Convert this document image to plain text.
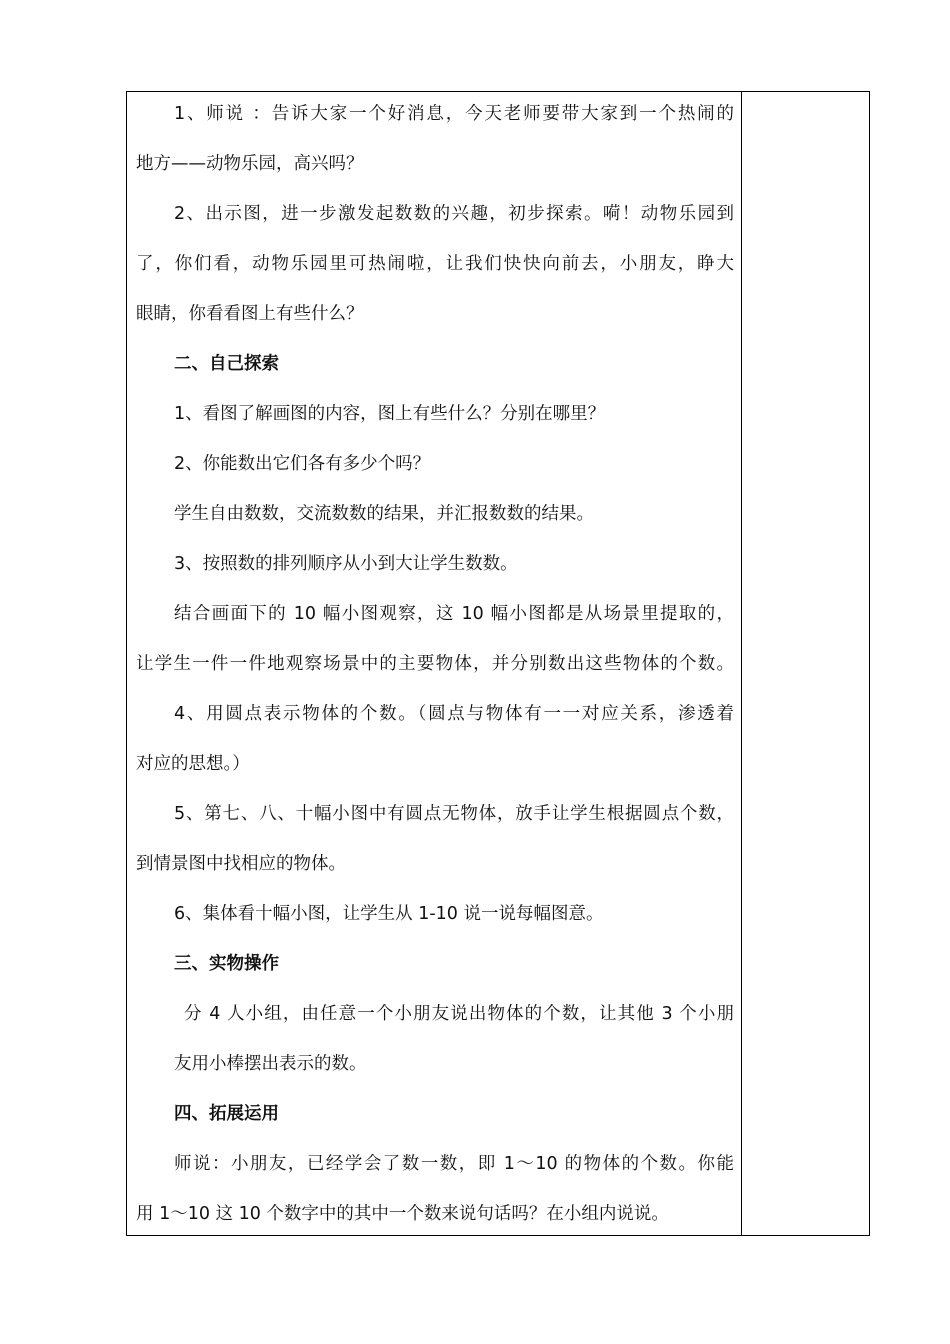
1、师说 ：告诉大家一个好消息，今天老师要带大家到一个热闹的

地方——动物乐园，高兴吗？

2、出示图，进一步激发起数数的兴趣，初步探索。嗬！动物乐园到

了，你们看，动物乐园里可热闹啦，让我们快快向前去，小朋友，睁大

眼睛，你看看图上有些什么？

二、自己探索

1、看图了解画图的内容，图上有些什么？分别在哪里？

2、你能数出它们各有多少个吗？

学生自由数数，交流数数的结果，并汇报数数的结果。

3、按照数的排列顺序从小到大让学生数数。

结合画面下的 10 幅小图观察，这 10 幅小图都是从场景里提取的，

让学生一件一件地观察场景中的主要物体，并分别数出这些物体的个数。

4、用圆点表示物体的个数。（圆点与物体有一一对应关系，渗透着

对应的思想。）

5、第七、八、十幅小图中有圆点无物体，放手让学生根据圆点个数，

到情景图中找相应的物体。

6、集体看十幅小图，让学生从 1-10 说一说每幅图意。

三、实物操作

分 4 人小组，由任意一个小朋友说出物体的个数，让其他 3 个小朋

友用小棒摆出表示的数。

四、拓展运用

师说：小朋友，已经学会了数一数，即 1～10 的物体的个数。你能

用 1～10 这 10 个数字中的其中一个数来说句话吗？在小组内说说。
